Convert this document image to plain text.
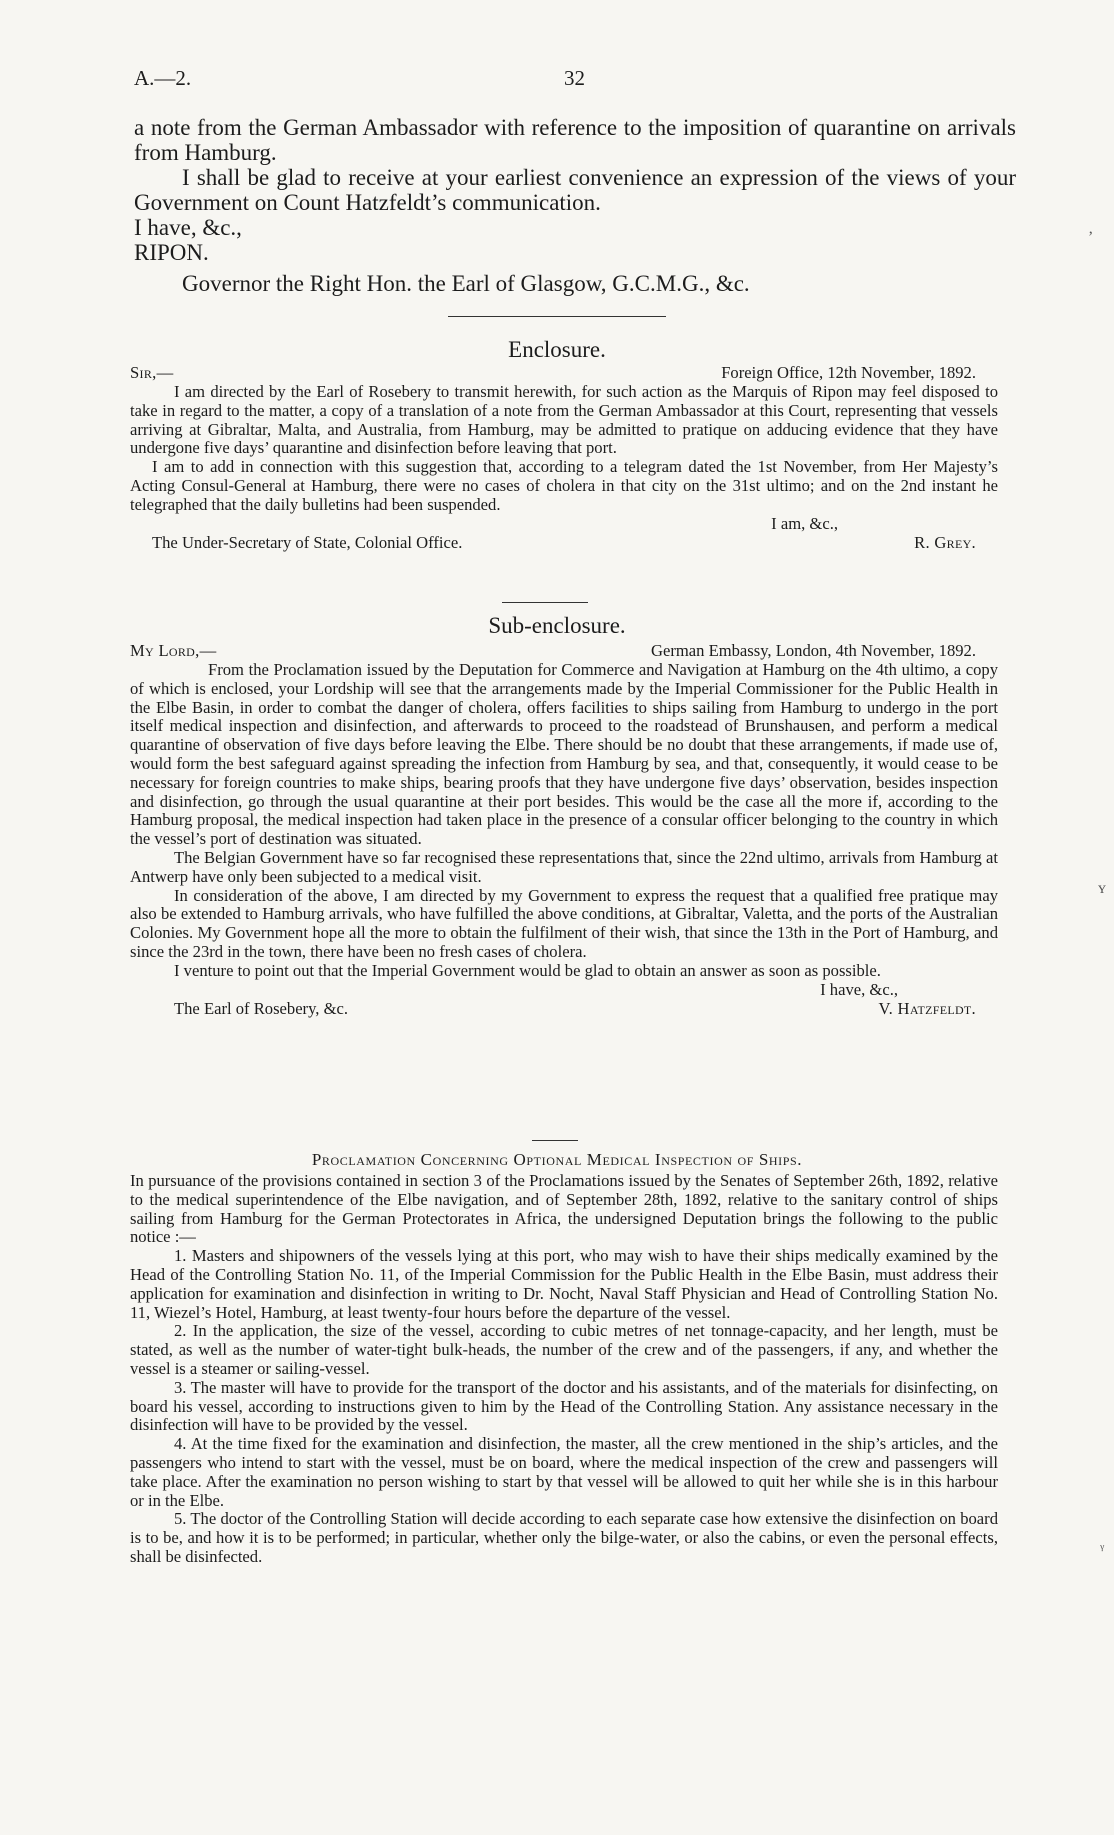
A.—2.	32

a note from the German Ambassador with reference to the imposition of quarantine on arrivals from Hamburg.

I shall be glad to receive at your earliest convenience an expression of the views of your Government on Count Hatzfeldt’s communication.

I have, &c.,

RIPON.

Governor the Right Hon. the Earl of Glasgow, G.C.M.G., &c.

Enclosure.
Sir,—	Foreign Office, 12th November, 1892.

I am directed by the Earl of Rosebery to transmit herewith, for such action as the Marquis of Ripon may feel disposed to take in regard to the matter, a copy of a translation of a note from the German Ambassador at this Court, representing that vessels arriving at Gibraltar, Malta, and Australia, from Hamburg, may be admitted to pratique on adducing evidence that they have undergone five days’ quarantine and disinfection before leaving that port.

I am to add in connection with this suggestion that, according to a telegram dated the 1st November, from Her Majesty’s Acting Consul-General at Hamburg, there were no cases of cholera in that city on the 31st ultimo; and on the 2nd instant he telegraphed that the daily bulletins had been suspended.

I am, &c.,
The Under-Secretary of State, Colonial Office.	R. Grey.
Sub-enclosure.
My Lord,—	German Embassy, London, 4th November, 1892.

From the Proclamation issued by the Deputation for Commerce and Navigation at Hamburg on the 4th ultimo, a copy of which is enclosed, your Lordship will see that the arrangements made by the Imperial Commissioner for the Public Health in the Elbe Basin, in order to combat the danger of cholera, offers facilities to ships sailing from Hamburg to undergo in the port itself medical inspection and disinfection, and afterwards to proceed to the roadstead of Brunshausen, and perform a medical quarantine of observation of five days before leaving the Elbe. There should be no doubt that these arrangements, if made use of, would form the best safeguard against spreading the infection from Hamburg by sea, and that, consequently, it would cease to be necessary for foreign countries to make ships, bearing proofs that they have undergone five days’ observation, besides inspection and disinfection, go through the usual quarantine at their port besides. This would be the case all the more if, according to the Hamburg proposal, the medical inspection had taken place in the presence of a consular officer belonging to the country in which the vessel’s port of destination was situated.

The Belgian Government have so far recognised these representations that, since the 22nd ultimo, arrivals from Hamburg at Antwerp have only been subjected to a medical visit.

In consideration of the above, I am directed by my Government to express the request that a qualified free pratique may also be extended to Hamburg arrivals, who have fulfilled the above conditions, at Gibraltar, Valetta, and the ports of the Australian Colonies. My Government hope all the more to obtain the fulfilment of their wish, that since the 13th in the Port of Hamburg, and since the 23rd in the town, there have been no fresh cases of cholera.

I venture to point out that the Imperial Government would be glad to obtain an answer as soon as possible.

I have, &c.,
The Earl of Rosebery, &c.	V. Hatzfeldt.
Proclamation Concerning Optional Medical Inspection of Ships.

In pursuance of the provisions contained in section 3 of the Proclamations issued by the Senates of September 26th, 1892, relative to the medical superintendence of the Elbe navigation, and of September 28th, 1892, relative to the sanitary control of ships sailing from Hamburg for the German Protectorates in Africa, the undersigned Deputation brings the following to the public notice :—

1. Masters and shipowners of the vessels lying at this port, who may wish to have their ships medically examined by the Head of the Controlling Station No. 11, of the Imperial Commission for the Public Health in the Elbe Basin, must address their application for examination and disinfection in writing to Dr. Nocht, Naval Staff Physician and Head of Controlling Station No. 11, Wiezel’s Hotel, Hamburg, at least twenty-four hours before the departure of the vessel.

2. In the application, the size of the vessel, according to cubic metres of net tonnage-capacity, and her length, must be stated, as well as the number of water-tight bulk-heads, the number of the crew and of the passengers, if any, and whether the vessel is a steamer or sailing-vessel.

3. The master will have to provide for the transport of the doctor and his assistants, and of the materials for disinfecting, on board his vessel, according to instructions given to him by the Head of the Controlling Station. Any assistance necessary in the disinfection will have to be provided by the vessel.

4. At the time fixed for the examination and disinfection, the master, all the crew mentioned in the ship’s articles, and the passengers who intend to start with the vessel, must be on board, where the medical inspection of the crew and passengers will take place. After the examination no person wishing to start by that vessel will be allowed to quit her while she is in this harbour or in the Elbe.

5. The doctor of the Controlling Station will decide according to each separate case how extensive the disinfection on board is to be, and how it is to be performed; in particular, whether only the bilge-water, or also the cabins, or even the personal effects, shall be disinfected.

‚
ʏ
ᵧ
